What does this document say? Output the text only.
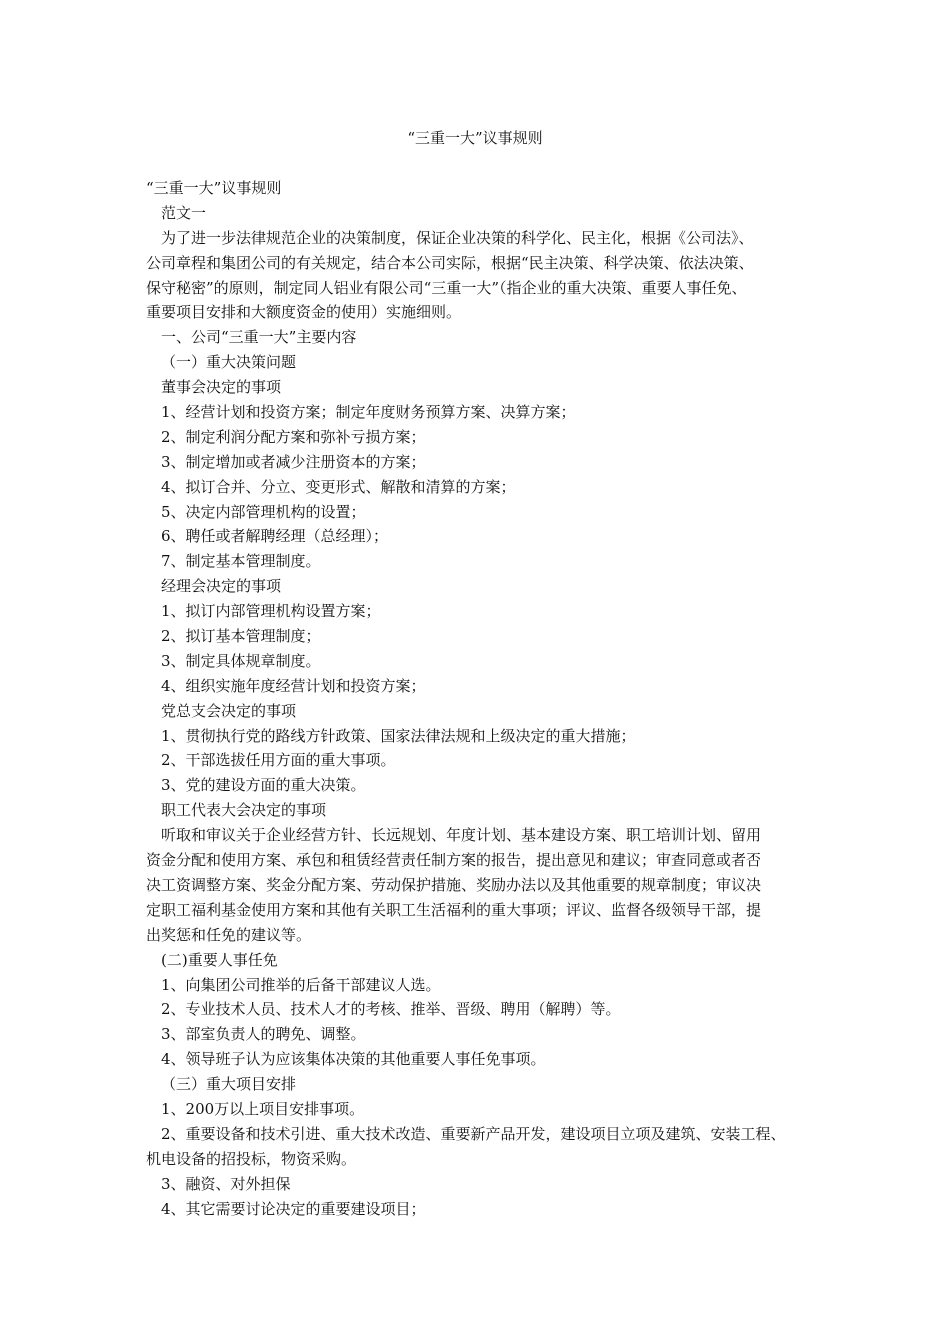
“三重一大”议事规则
“三重一大”议事规则
范文一
为了进一步法律规范企业的决策制度，保证企业决策的科学化、民主化，根据《公司法》、
公司章程和集团公司的有关规定，结合本公司实际，根据“民主决策、科学决策、依法决策、
保守秘密”的原则，制定同人铝业有限公司“三重一大”（指企业的重大决策、重要人事任免、
重要项目安排和大额度资金的使用）实施细则。
一、公司“三重一大”主要内容
（一）重大决策问题
董事会决定的事项
1、经营计划和投资方案；制定年度财务预算方案、决算方案；
2、制定利润分配方案和弥补亏损方案；
3、制定增加或者减少注册资本的方案；
4、拟订合并、分立、变更形式、解散和清算的方案；
5、决定内部管理机构的设置；
6、聘任或者解聘经理（总经理）；
7、制定基本管理制度。
经理会决定的事项
1、拟订内部管理机构设置方案；
2、拟订基本管理制度；
3、制定具体规章制度。
4、组织实施年度经营计划和投资方案；
党总支会决定的事项
1、贯彻执行党的路线方针政策、国家法律法规和上级决定的重大措施；
2、干部选拔任用方面的重大事项。
3、党的建设方面的重大决策。
职工代表大会决定的事项
听取和审议关于企业经营方针、长远规划、年度计划、基本建设方案、职工培训计划、留用
资金分配和使用方案、承包和租赁经营责任制方案的报告，提出意见和建议；审查同意或者否
决工资调整方案、奖金分配方案、劳动保护措施、奖励办法以及其他重要的规章制度；审议决
定职工福利基金使用方案和其他有关职工生活福利的重大事项；评议、监督各级领导干部，提
出奖惩和任免的建议等。
(二)重要人事任免
1、向集团公司推举的后备干部建议人选。
2、专业技术人员、技术人才的考核、推举、晋级、聘用（解聘）等。
3、部室负责人的聘免、调整。
4、领导班子认为应该集体决策的其他重要人事任免事项。
（三）重大项目安排
1、200万以上项目安排事项。
2、重要设备和技术引进、重大技术改造、重要新产品开发，建设项目立项及建筑、安装工程、
机电设备的招投标，物资采购。
3、融资、对外担保
4、其它需要讨论决定的重要建设项目；
